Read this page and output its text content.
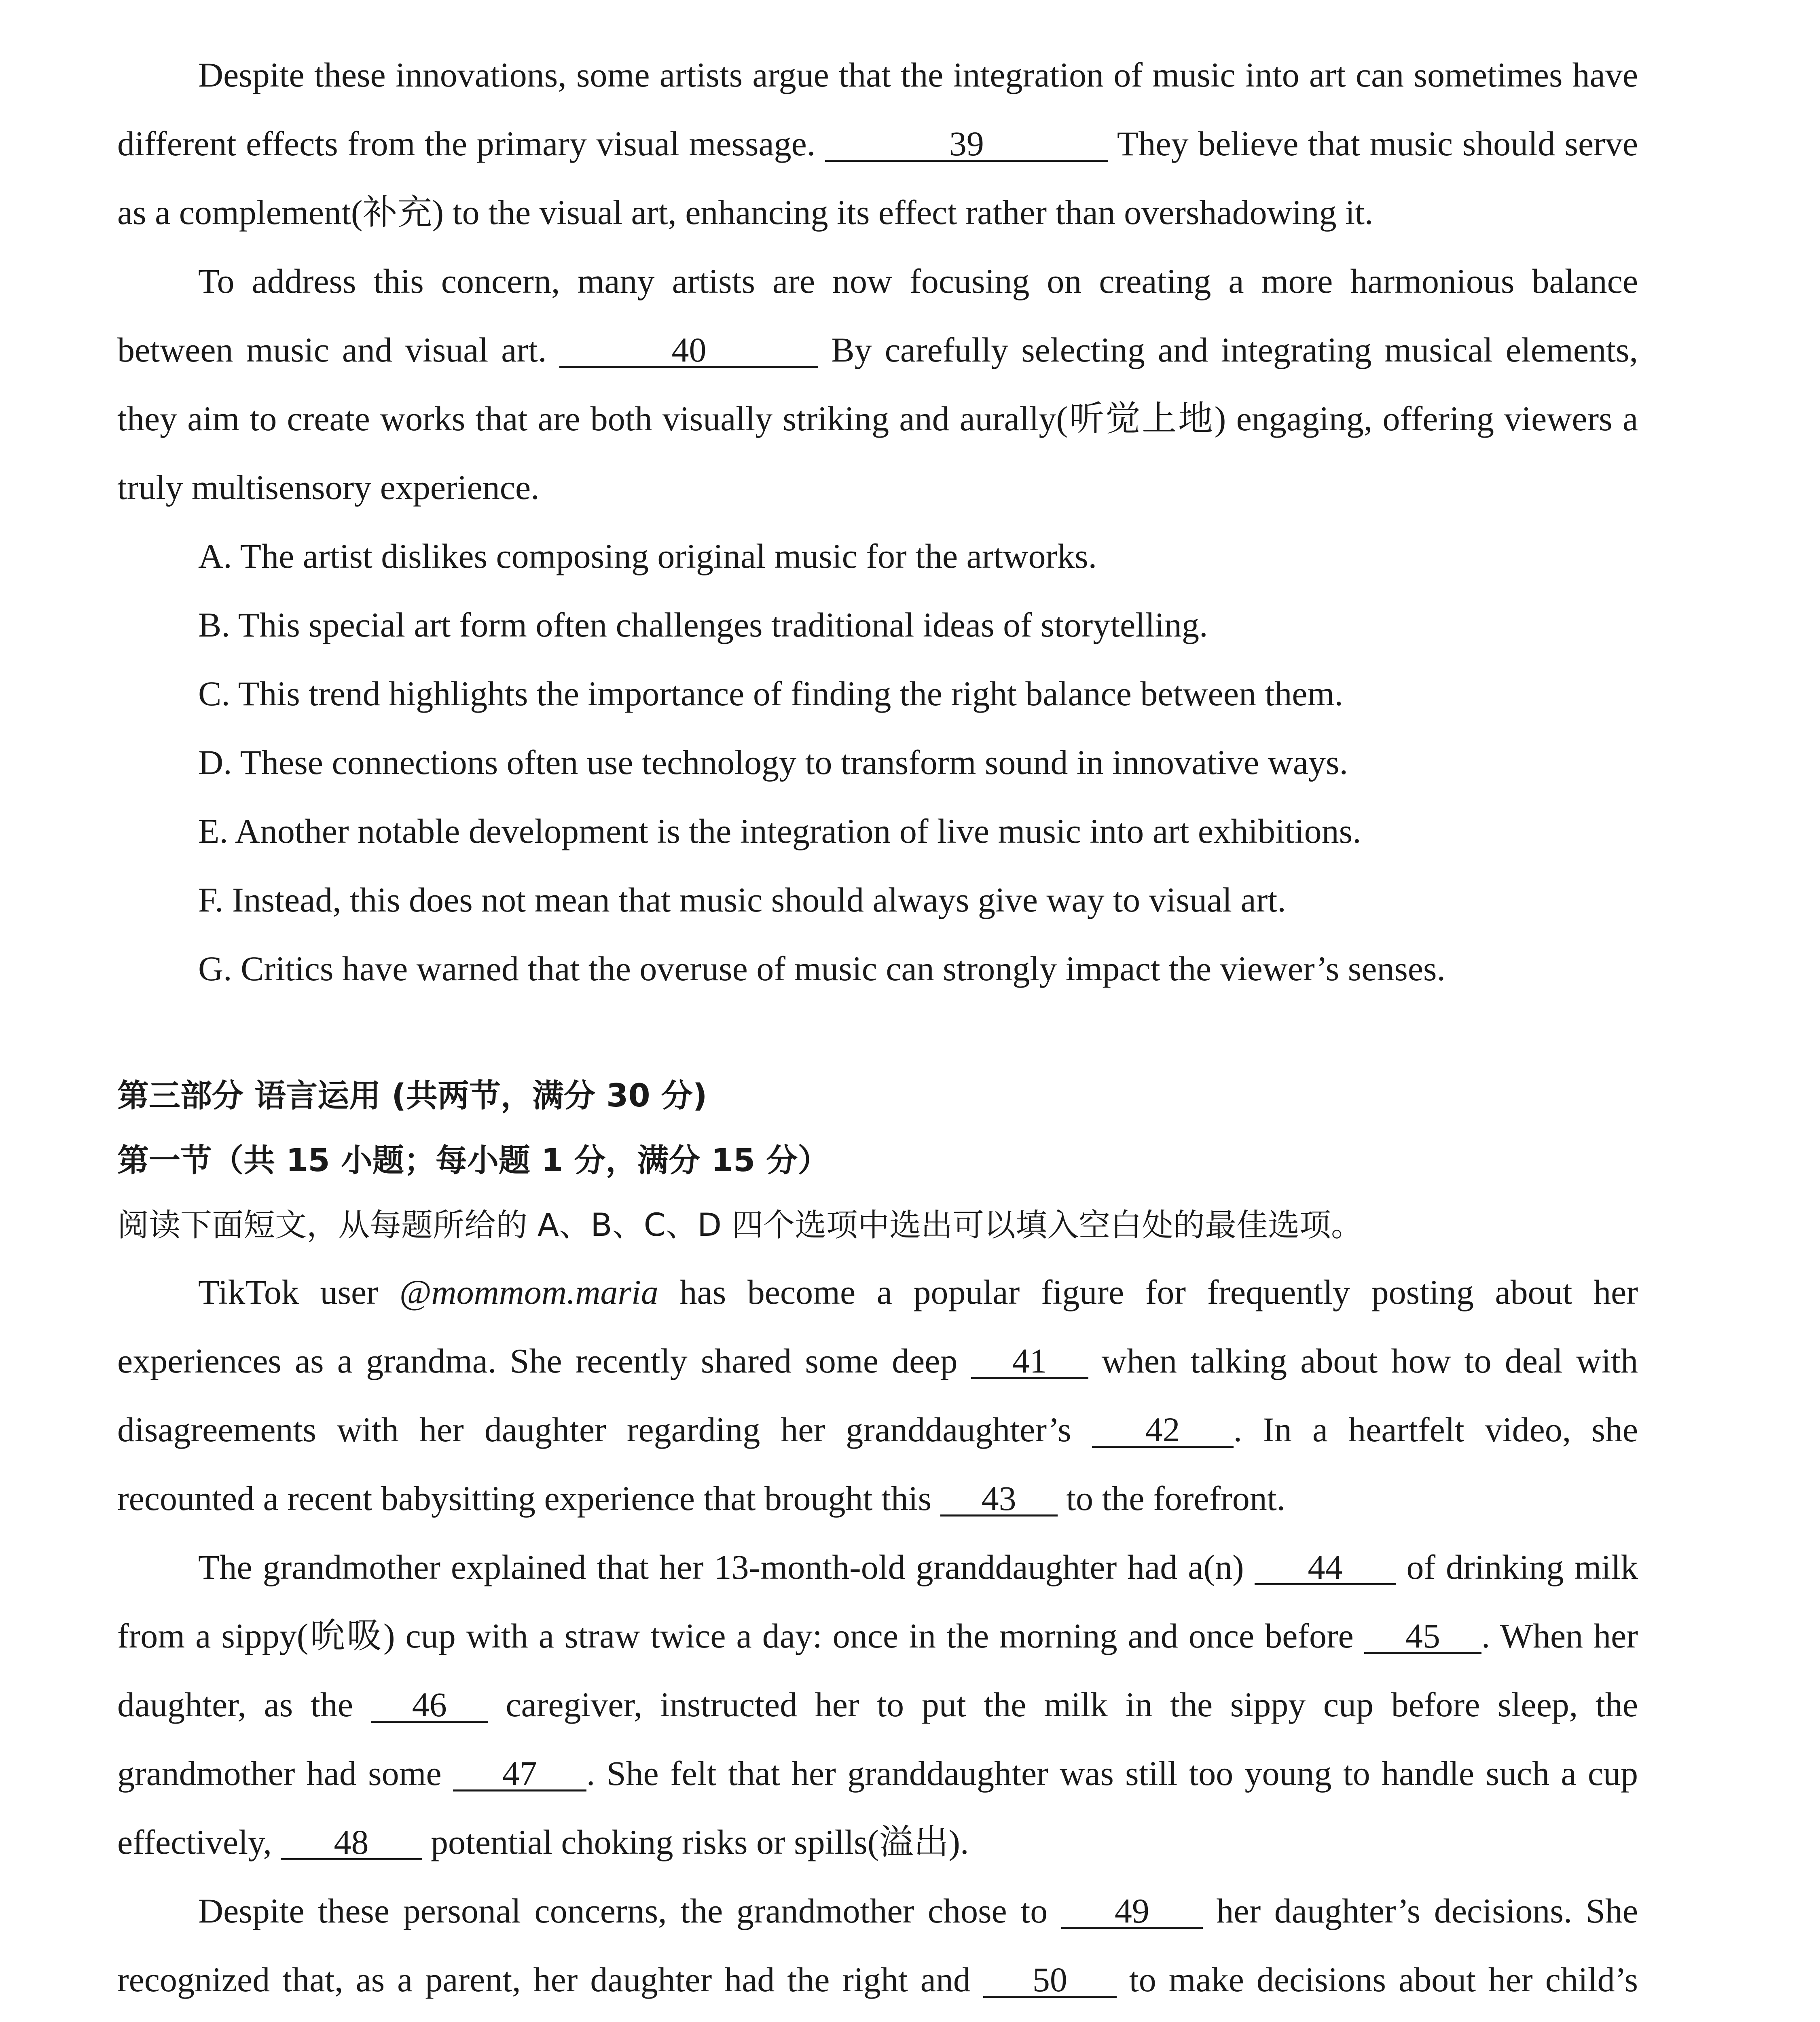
Despite these innovations, some artists argue that the integration of music into art can sometimes have different effects from the primary visual message.	39	They believe that music should serve as a complement(补充) to the visual art, enhancing its effect rather than overshadowing it.

To address this concern, many artists are now focusing on creating a more harmonious balance between music and visual art.	40	By carefully selecting and integrating musical elements, they aim to create works that are both visually striking and aurally(听觉上地) engaging, offering viewers a truly multisensory experience.

A. The artist dislikes composing original music for the artworks.

B. This special art form often challenges traditional ideas of storytelling.

C. This trend highlights the importance of finding the right balance between them.

D. These connections often use technology to transform sound in innovative ways.

E. Another notable development is the integration of live music into art exhibitions.

F. Instead, this does not mean that music should always give way to visual art.

G. Critics have warned that the overuse of music can strongly impact the viewer’s senses.

第三部分 语言运用 (共两节，满分 30 分)

第一节（共 15 小题；每小题 1 分，满分 15 分）

阅读下面短文，从每题所给的 A、B、C、D 四个选项中选出可以填入空白处的最佳选项。

TikTok user @mommom.maria has become a popular figure for frequently posting about her experiences as a grandma. She recently shared some deep 41 when talking about how to deal with disagreements with her daughter regarding her granddaughter’s 42 . In a heartfelt video, she recounted a recent babysitting experience that brought this 43 to the forefront.

The grandmother explained that her 13-month-old granddaughter had a(n) 44 of drinking milk from a sippy(吮吸) cup with a straw twice a day: once in the morning and once before 45 . When her daughter, as the 46 caregiver, instructed her to put the milk in the sippy cup before sleep, the grandmother had some 47 . She felt that her granddaughter was still too young to handle such a cup effectively, 48 potential choking risks or spills(溢出).

Despite these personal concerns, the grandmother chose to 49 her daughter’s decisions. She recognized that, as a parent, her daughter had the right and 50 to make decisions about her child’s
